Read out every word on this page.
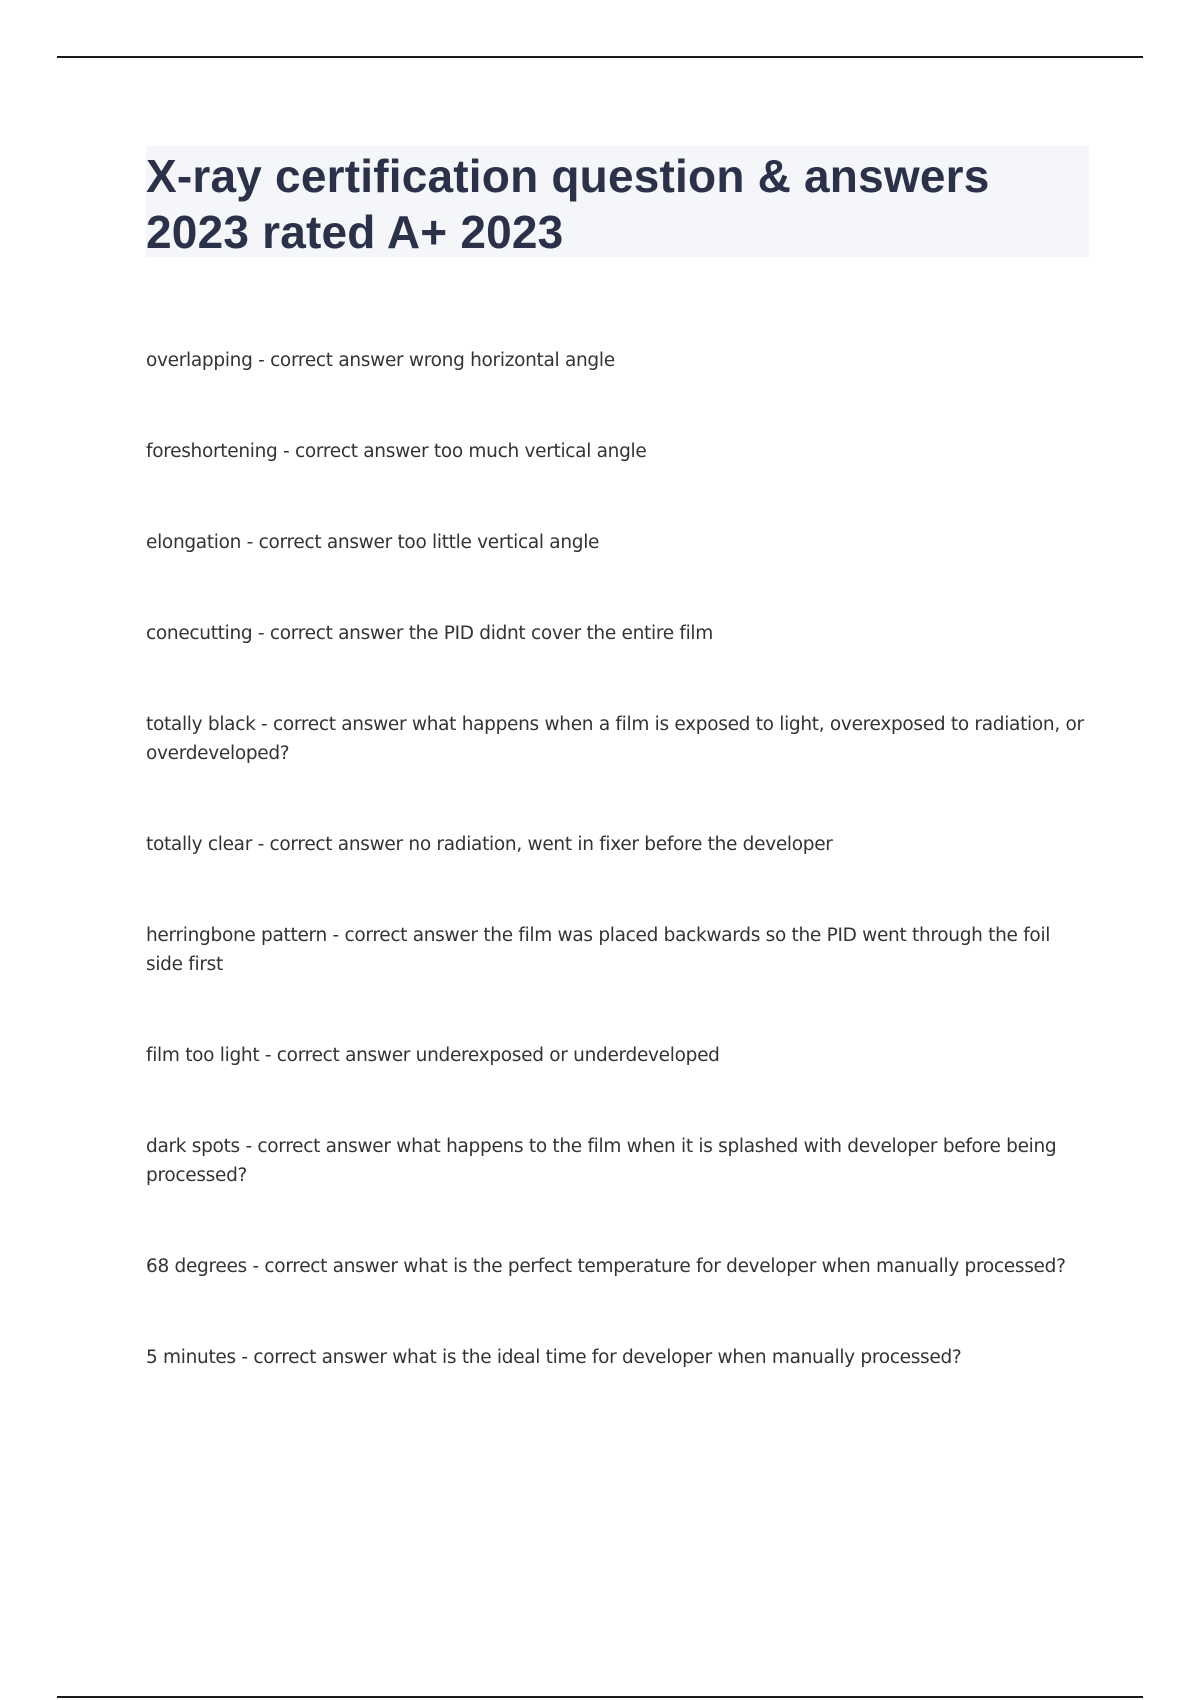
X-ray certification question & answers
2023 rated A+ 2023
overlapping - correct answer wrong horizontal angle
foreshortening - correct answer too much vertical angle
elongation - correct answer too little vertical angle
conecutting - correct answer the PID didnt cover the entire film
totally black - correct answer what happens when a film is exposed to light, overexposed to radiation, or overdeveloped?
totally clear - correct answer no radiation, went in fixer before the developer
herringbone pattern - correct answer the film was placed backwards so the PID went through the foil side first
film too light - correct answer underexposed or underdeveloped
dark spots - correct answer what happens to the film when it is splashed with developer before being processed?
68 degrees - correct answer what is the perfect temperature for developer when manually processed?
5 minutes - correct answer what is the ideal time for developer when manually processed?
